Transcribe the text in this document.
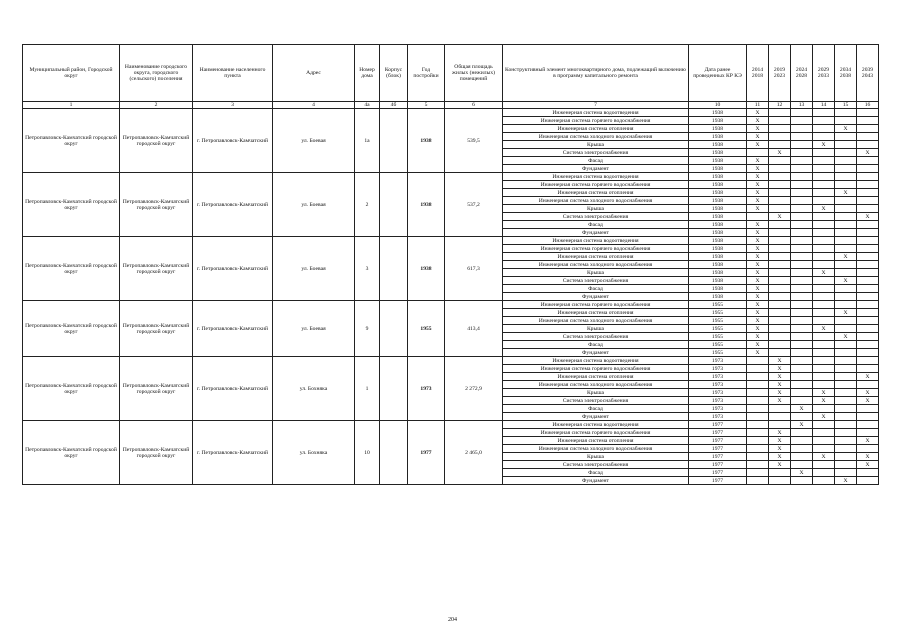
Муниципальный район, Городской округ	Наименование городского округа, городского (сельского) поселения	Наименование населенного пункта	Адрес	Номер дома	Корпус (блок)	Год постройки	Общая площадь жилых (нежилых) помещений	Конструктивный элемент многоквартирного дома, подлежащий включению в программу капитального ремонта	Дата ранее проведенных КР КЭ	2014 2018	2019 2023	2024 2028	2029 2033	2034 2038	2039 2043
1	2	3	4	4а	4б	5	6	7	10	11	12	13	14	15	16
Петропавловск-Камчатский городской округ	Петропавловск-Камчатский городской округ	г. Петропавловск-Камчатский	ул. Боевая	1а		1938	539,5	Инженерная система водоотведения	1938	X					
								Инженерная система горячего водоснабжения	1938	X					
								Инженерная система отопления	1938	X				X	
								Инженерная система холодного водоснабжения	1938	X					
								Крыша	1938	X			X		
								Система электроснабжения	1938		X				X
								Фасад	1938	X					
								Фундамент	1938	X					
Петропавловск-Камчатский городской округ	Петропавловск-Камчатский городской округ	г. Петропавловск-Камчатский	ул. Боевая	2		1938	537,2	Инженерная система водоотведения	1938	X					
								Инженерная система горячего водоснабжения	1938	X					
								Инженерная система отопления	1938	X				X	
								Инженерная система холодного водоснабжения	1938	X					
								Крыша	1938	X			X		
								Система электроснабжения	1938		X				X
								Фасад	1938	X					
								Фундамент	1938	X					
Петропавловск-Камчатский городской округ	Петропавловск-Камчатский городской округ	г. Петропавловск-Камчатский	ул. Боевая	3		1938	617,3	Инженерная система водоотведения	1938	X					
								Инженерная система горячего водоснабжения	1938	X					
								Инженерная система отопления	1938	X				X	
								Инженерная система холодного водоснабжения	1938	X					
								Крыша	1938	X			X		
								Система электроснабжения	1938	X				X	
								Фасад	1938	X					
								Фундамент	1938	X					
Петропавловск-Камчатский городской округ	Петропавловск-Камчатский городской округ	г. Петропавловск-Камчатский	ул. Боевая	9		1955	413,4	Инженерная система горячего водоснабжения	1955	X					
								Инженерная система отопления	1955	X				X	
								Инженерная система холодного водоснабжения	1955	X					
								Крыша	1955	X			X		
								Система электроснабжения	1955	X				X	
								Фасад	1955	X					
								Фундамент	1955	X					
Петропавловск-Камчатский городской округ	Петропавловск-Камчатский городской округ	г. Петропавловск-Камчатский	ул. Бохняка	1		1973	2 272,9	Инженерная система водоотведения	1973		X				
								Инженерная система горячего водоснабжения	1973		X				
								Инженерная система отопления	1973		X				X
								Инженерная система холодного водоснабжения	1973		X				
								Крыша	1973		X		X		X
								Система электроснабжения	1973		X		X		X
								Фасад	1973			X			
								Фундамент	1973				X		
Петропавловск-Камчатский городской округ	Петропавловск-Камчатский городской округ	г. Петропавловск-Камчатский	ул. Бохняка	10		1977	2 465,0	Инженерная система водоотведения	1977			X			
								Инженерная система горячего водоснабжения	1977		X				
								Инженерная система отопления	1977		X				X
								Инженерная система холодного водоснабжения	1977		X				
								Крыша	1977		X		X		X
								Система электроснабжения	1977		X				X
								Фасад	1977			X			
								Фундамент	1977					X	
204
